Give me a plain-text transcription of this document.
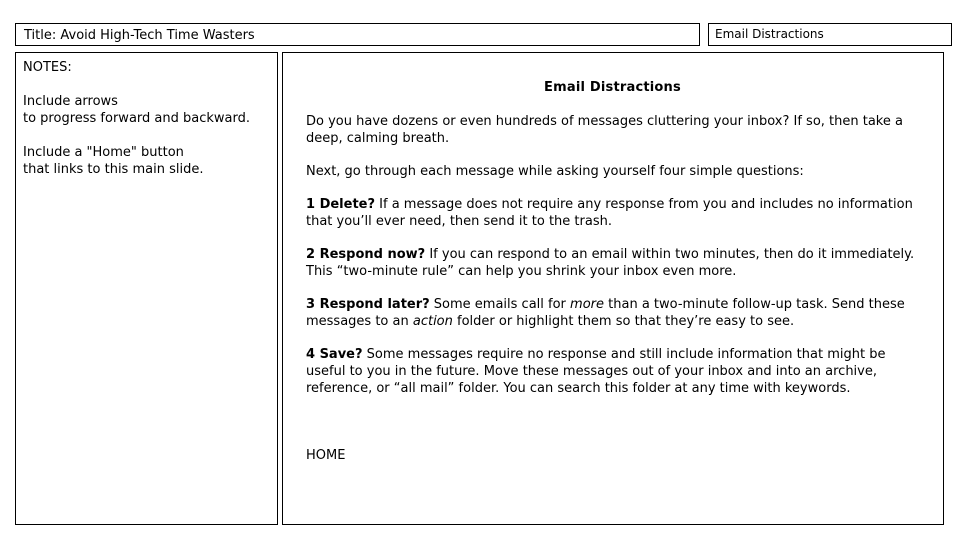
Title: Avoid High-Tech Time Wasters	Email Distractions
NOTES:
Include arrows
to progress forward and backward.
Include a "Home" button
that links to this main slide.
Email Distractions

Do you have dozens or even hundreds of messages cluttering your inbox? If so, then take a deep, calming breath.

Next, go through each message while asking yourself four simple questions:

1 Delete? If a message does not require any response from you and includes no information that you’ll ever need, then send it to the trash.

2 Respond now? If you can respond to an email within two minutes, then do it immediately. This “two-minute rule” can help you shrink your inbox even more.

3 Respond later? Some emails call for more than a two-minute follow-up task. Send these messages to an action folder or highlight them so that they’re easy to see.

4 Save? Some messages require no response and still include information that might be useful to you in the future. Move these messages out of your inbox and into an archive, reference, or “all mail” folder. You can search this folder at any time with keywords.

HOME
